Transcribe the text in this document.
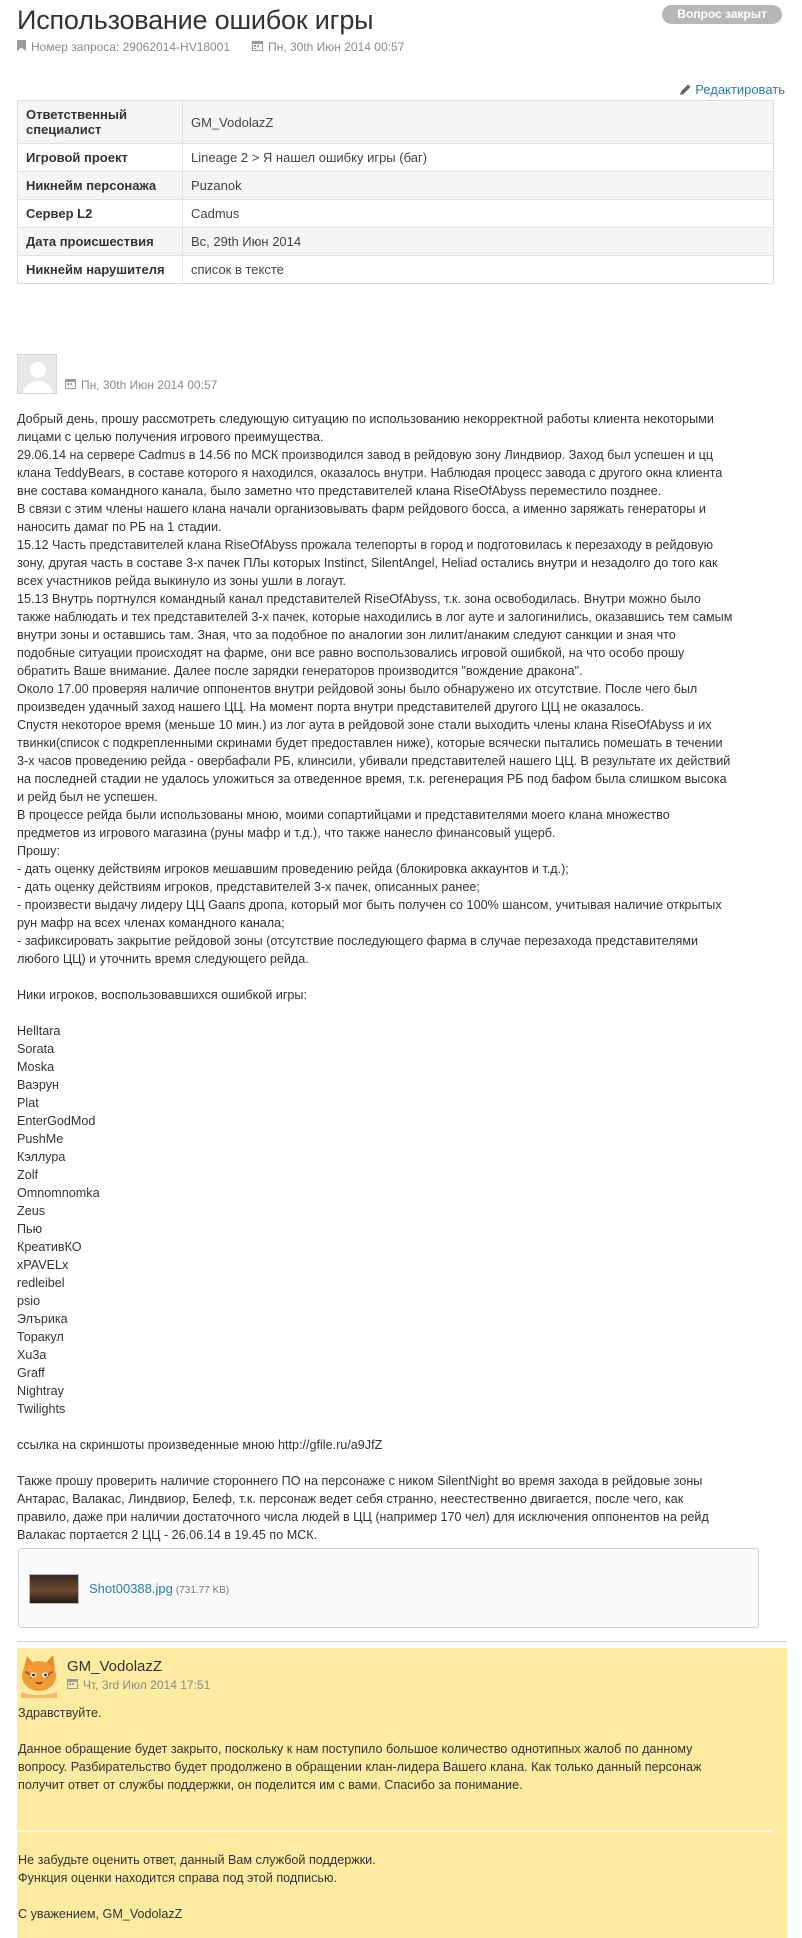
Использование ошибок игры	Вопрос закрыт
Номер запроса: 29062014-HV18001	Пн, 30th Июн 2014 00:57
Редактировать
Ответственный специалист	GM_VodolazZ
Игровой проект	Lineage 2 > Я нашел ошибку игры (баг)
Никнейм персонажа	Puzanok
Сервер L2	Cadmus
Дата происшествия	Вс, 29th Июн 2014
Никнейм нарушителя	список в тексте
Пн, 30th Июн 2014 00:57

Добрый день, прошу рассмотреть следующую ситуацию по использованию некорректной работы клиента некоторыми

лицами с целью получения игрового преимущества.

29.06.14 на сервере Cadmus в 14.56 по МСК производился завод в рейдовую зону Линдвиор. Заход был успешен и цц

клана TeddyBears, в составе которого я находился, оказалось внутри. Наблюдая процесс завода с другого окна клиента

вне состава командного канала, было заметно что представителей клана RiseOfAbyss переместило позднее.

В связи с этим члены нашего клана начали организовывать фарм рейдового босса, а именно заряжать генераторы и

наносить дамаг по РБ на 1 стадии.

15.12 Часть представителей клана RiseOfAbyss прожала телепорты в город и подготовилась к перезаходу в рейдовую

зону, другая часть в составе 3-х пачек ПЛы которых Instinct, SilentAngel, Heliad остались внутри и незадолго до того как

всех участников рейда выкинуло из зоны ушли в логаут.

15.13 Внутрь портнулся командный канал представителей RiseOfAbyss, т.к. зона освободилась. Внутри можно было

также наблюдать и тех представителей 3-х пачек, которые находились в лог ауте и залогинились, оказавшись тем самым

внутри зоны и оставшись там. Зная, что за подобное по аналогии зон лилит/анаким следуют санкции и зная что

подобные ситуации происходят на фарме, они все равно воспользовались игровой ошибкой, на что особо прошу

обратить Ваше внимание. Далее после зарядки генераторов производится "вождение дракона".

Около 17.00 проверяя наличие оппонентов внутри рейдовой зоны было обнаружено их отсутствие. После чего был

произведен удачный заход нашего ЦЦ. На момент порта внутри представителей другого ЦЦ не оказалось.

Спустя некоторое время (меньше 10 мин.) из лог аута в рейдовой зоне стали выходить члены клана RiseOfAbyss и их

твинки(список с подкрепленными скринами будет предоставлен ниже), которые всячески пытались помешать в течении

3-х часов проведению рейда - овербафали РБ, клинсили, убивали представителей нашего ЦЦ. В результате их действий

на последней стадии не удалось уложиться за отведенное время, т.к. регенерация РБ под бафом была слишком высока

и рейд был не успешен.

В процессе рейда были использованы мною, моими сопартийцами и представителями моего клана множество

предметов из игрового магазина (руны мафр и т.д.), что также нанесло финансовый ущерб.

Прошу:

- дать оценку действиям игроков мешавшим проведению рейда (блокировка аккаунтов и т.д.);

- дать оценку действиям игроков, представителей 3-х пачек, описанных ранее;

- произвести выдачу лидеру ЦЦ Gaans дропа, который мог быть получен со 100% шансом, учитывая наличие открытых

рун мафр на всех членах командного канала;

- зафиксировать закрытие рейдовой зоны (отсутствие последующего фарма в случае перезахода представителями

любого ЦЦ) и уточнить время следующего рейда.

Ники игроков, воспользовавшихся ошибкой игры:

Helltara

Sorata

Moska

Ваэрун

Plat

EnterGodMod

PushMe

Кэллура

Zolf

Omnomnomka

Zeus

Пью

КреативКО

xPAVELx

redleibel

psio

Элърика

Торакул

Хu3a

Graff

Nightray

Twilights

ссылка на скриншоты произведенные мною http://gfile.ru/a9JfZ

Также прошу проверить наличие стороннего ПО на персонаже с ником SilentNight во время захода в рейдовые зоны

Антарас, Валакас, Линдвиор, Белеф, т.к. персонаж ведет себя странно, неестественно двигается, после чего, как

правило, даже при наличии достаточного числа людей в ЦЦ (например 170 чел) для исключения оппонентов на рейд

Валакас портается 2 ЦЦ - 26.06.14 в 19.45 по МСК.

Shot00388.jpg (731.77 KB)
GM_VodolazZ
Чт, 3rd Июл 2014 17:51

Здравствуйте.

Данное обращение будет закрыто, поскольку к нам поступило большое количество однотипных жалоб по данному

вопросу. Разбирательство будет продолжено в обращении клан-лидера Вашего клана. Как только данный персонаж

получит ответ от службы поддержки, он поделится им с вами. Спасибо за понимание.

Не забудьте оценить ответ, данный Вам службой поддержки.

Функция оценки находится справа под этой подписью.

С уважением, GM_VodolazZ
